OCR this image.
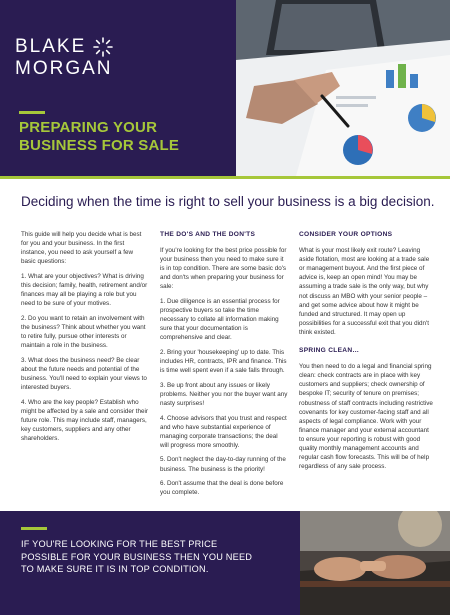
BLAKE
MORGAN
PREPARING YOUR
BUSINESS FOR SALE
Deciding when the time is right to sell your business is a big decision.

This guide will help you decide what is best for you and your business. In the first instance, you need to ask yourself a few basic questions:

1. What are your objectives? What is driving this decision; family, health, retirement and/or finances may all be playing a role but you need to be sure of your motives.

2. Do you want to retain an involvement with the business? Think about whether you want to retire fully, pursue other interests or maintain a role in the business.

3. What does the business need? Be clear about the future needs and potential of the business. You'll need to explain your views to interested buyers.

4. Who are the key people? Establish who might be affected by a sale and consider their future role. This may include staff, managers, key customers, suppliers and any other shareholders.

THE DO'S AND THE DON'TS

If you're looking for the best price possible for your business then you need to make sure it is in top condition. There are some basic do's and don'ts when preparing your business for sale:

1. Due diligence is an essential process for prospective buyers so take the time necessary to collate all information making sure that your documentation is comprehensive and clear.

2. Bring your 'housekeeping' up to date. This includes HR, contracts, IPR and finance. This is time well spent even if a sale falls through.

3. Be up front about any issues or likely problems. Neither you nor the buyer want any nasty surprises!

4. Choose advisors that you trust and respect and who have substantial experience of managing corporate transactions; the deal will progress more smoothly.

5. Don't neglect the day-to-day running of the business. The business is the priority!

6. Don't assume that the deal is done before you complete.

CONSIDER YOUR OPTIONS

What is your most likely exit route? Leaving aside flotation, most are looking at a trade sale or management buyout. And the first piece of advice is, keep an open mind! You may be assuming a trade sale is the only way, but why not discuss an MBO with your senior people – and get some advice about how it might be funded and structured. It may open up possibilities for a successful exit that you didn't think existed.

SPRING CLEAN…

You then need to do a legal and financial spring clean: check contracts are in place with key customers and suppliers; check ownership of bespoke IT; security of tenure on premises; robustness of staff contracts including restrictive covenants for key customer-facing staff and all aspects of legal compliance. Work with your finance manager and your external accountant to ensure your reporting is robust with good quality monthly management accounts and regular cash flow forecasts. This will be of help regardless of any sale process.

IF YOU'RE LOOKING FOR THE BEST PRICE POSSIBLE FOR YOUR BUSINESS THEN YOU NEED TO MAKE SURE IT IS IN TOP CONDITION.
